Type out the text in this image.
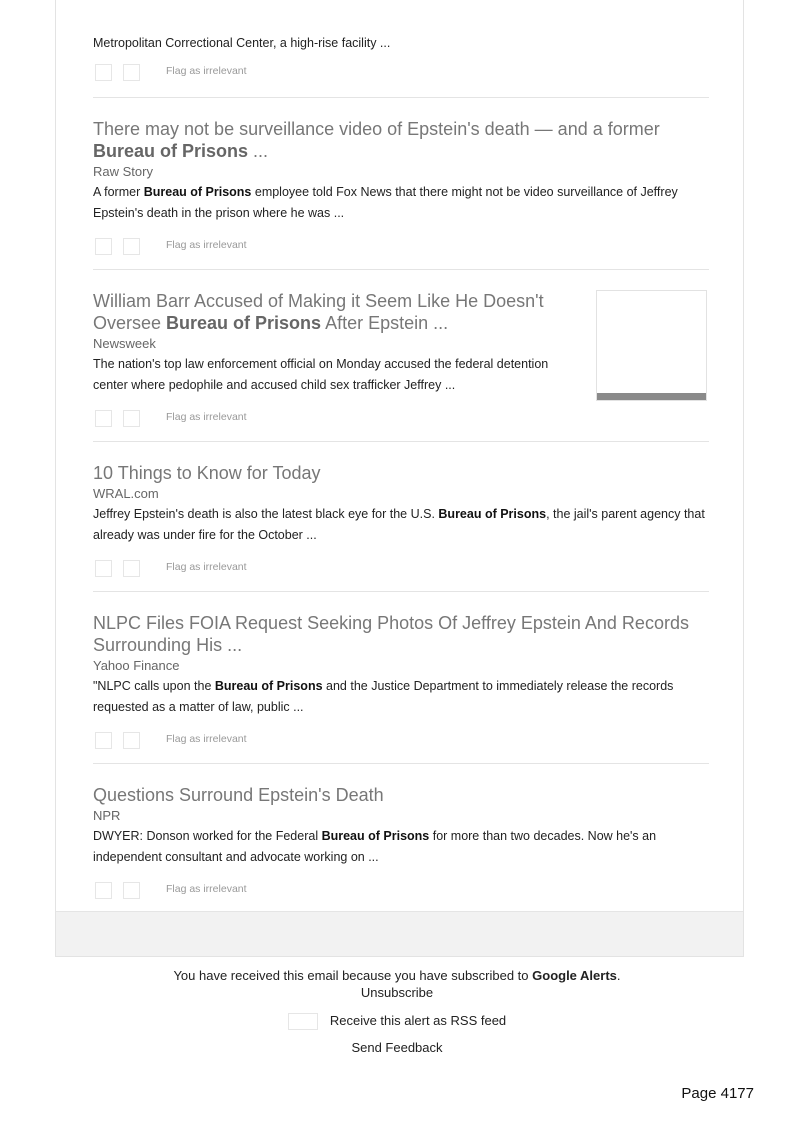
Metropolitan Correctional Center, a high-rise facility ...
Flag as irrelevant
There may not be surveillance video of Epstein's death — and a former Bureau of Prisons ...
Raw Story
A former Bureau of Prisons employee told Fox News that there might not be video surveillance of Jeffrey Epstein's death in the prison where he was ...
Flag as irrelevant
William Barr Accused of Making it Seem Like He Doesn't Oversee Bureau of Prisons After Epstein ...
Newsweek
The nation's top law enforcement official on Monday accused the federal detention center where pedophile and accused child sex trafficker Jeffrey ...
Flag as irrelevant
10 Things to Know for Today
WRAL.com
Jeffrey Epstein's death is also the latest black eye for the U.S. Bureau of Prisons, the jail's parent agency that already was under fire for the October ...
Flag as irrelevant
NLPC Files FOIA Request Seeking Photos Of Jeffrey Epstein And Records Surrounding His ...
Yahoo Finance
"NLPC calls upon the Bureau of Prisons and the Justice Department to immediately release the records requested as a matter of law, public ...
Flag as irrelevant
Questions Surround Epstein's Death
NPR
DWYER: Donson worked for the Federal Bureau of Prisons for more than two decades. Now he's an independent consultant and advocate working on ...
Flag as irrelevant
You have received this email because you have subscribed to Google Alerts.
Unsubscribe
Receive this alert as RSS feed
Send Feedback
Page 4177
